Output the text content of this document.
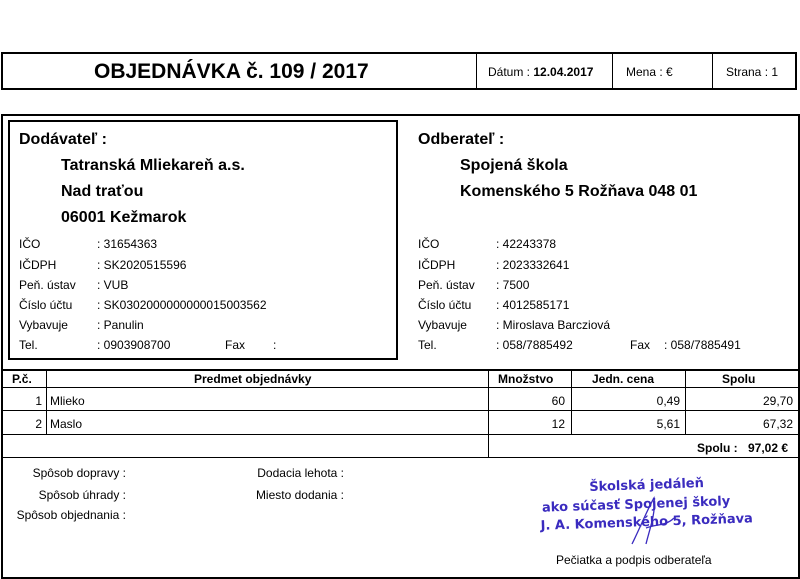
OBJEDNÁVKA č. 109 / 2017	Dátum : 12.04.2017	Mena : €	Strana : 1
Dodávateľ :
Tatranská Mliekareň a.s.
Nad traťou
06001 Kežmarok
IČO	: 31654363
IČDPH	: SK2020515596
Peň. ústav : VUB
Číslo účtu : SK0302000000000015003562
Vybavuje : Panulin
Tel.	: 0903908700	Fax :
Odberateľ :
Spojená škola
Komenského 5 Rožňava 048 01
IČO	: 42243378
IČDPH	: 2023332641
Peň. ústav : 7500
Číslo účtu : 4012585171
Vybavuje : Miroslava Barcziová
Tel.	: 058/7885492	Fax : 058/7885491
P.č.	Predmet objednávky	Množstvo	Jedn. cena	Spolu
1 Mlieko	60	0,49	29,70
2 Maslo	12	5,61	67,32
Spolu : 97,02 €
Spôsob dopravy :
Spôsob úhrady :
Spôsob objednania :
Dodacia lehota :
Miesto dodania :	Školská jedáleň
ako súčasť Spojenej školy
J. A. Komenského 5, Rožňava
Pečiatka a podpis odberateľa
